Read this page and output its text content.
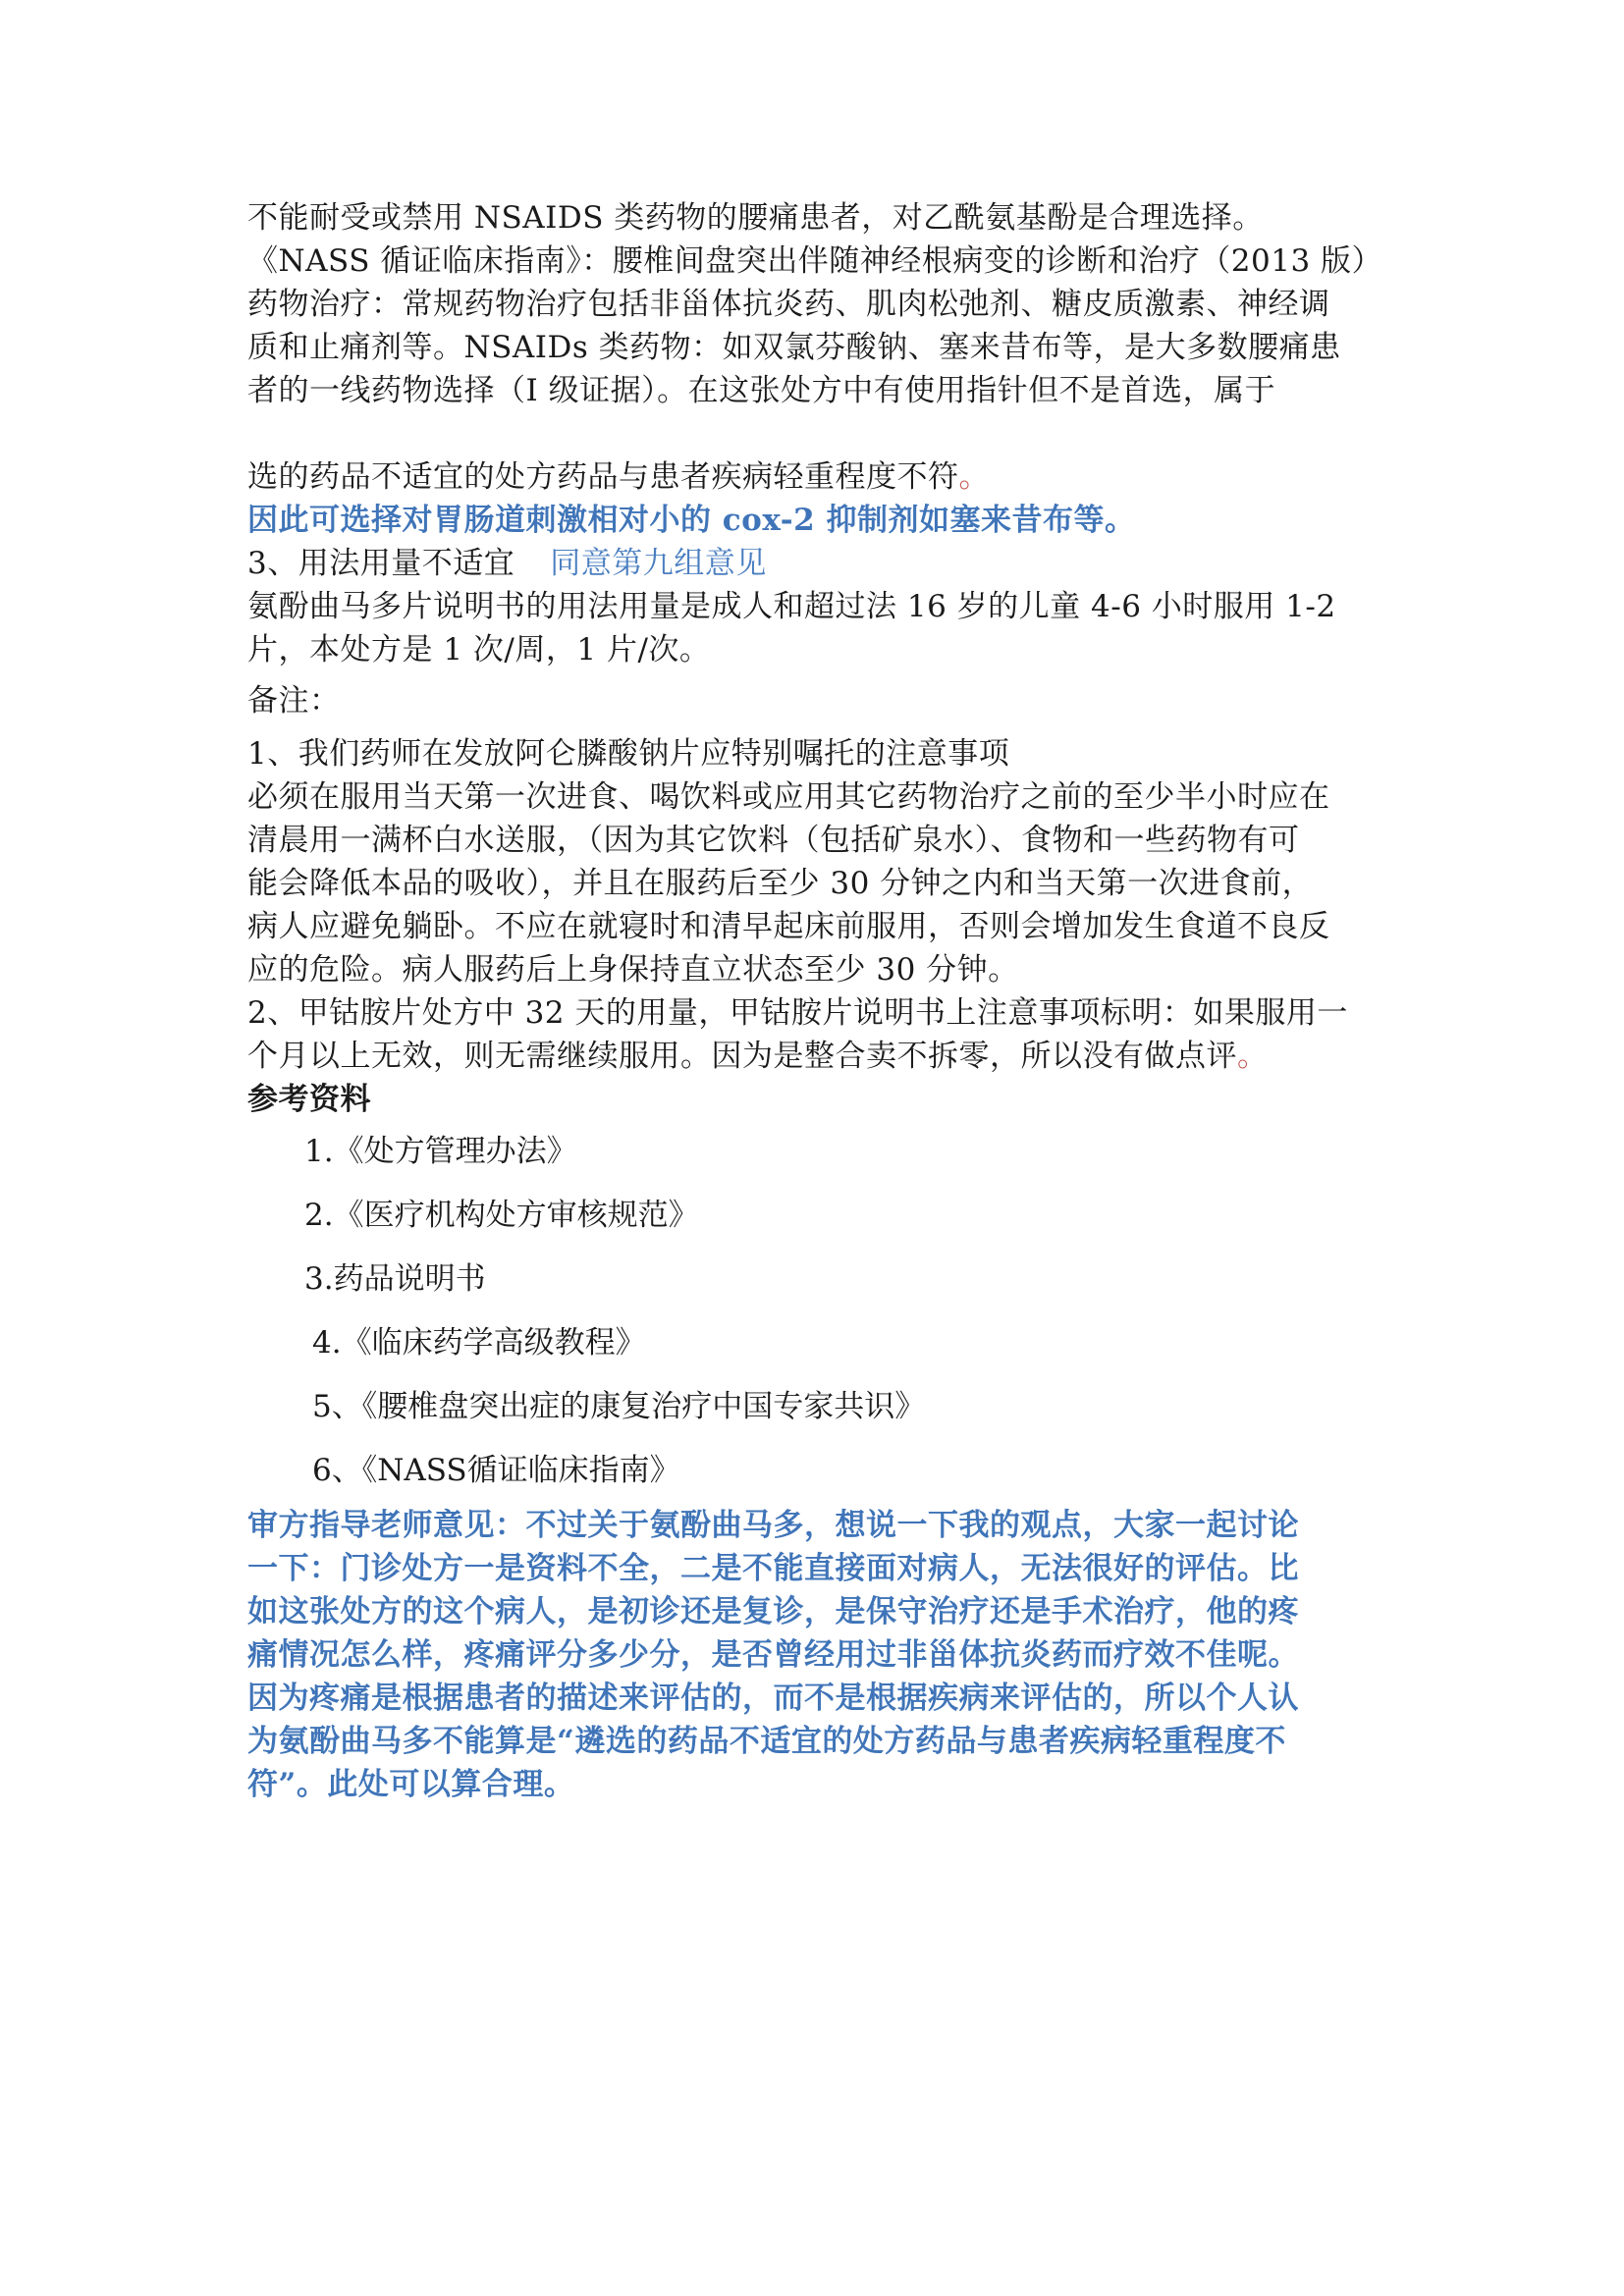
不能耐受或禁用 NSAIDS 类药物的腰痛患者，对乙酰氨基酚是合理选择。
《NASS 循证临床指南》：腰椎间盘突出伴随神经根病变的诊断和治疗（2013 版）
药物治疗：常规药物治疗包括非甾体抗炎药、肌肉松弛剂、糖皮质激素、神经调
质和止痛剂等。NSAIDs 类药物：如双氯芬酸钠、塞来昔布等，是大多数腰痛患
者的一线药物选择（I 级证据）。在这张处方中有使用指针但不是首选，属于
选的药品不适宜的处方药品与患者疾病轻重程度不符。
因此可选择对胃肠道刺激相对小的 cox-2 抑制剂如塞来昔布等。
3、用法用量不适宜 同意第九组意见
氨酚曲马多片说明书的用法用量是成人和超过法 16 岁的儿童 4-6 小时服用 1-2
片，本处方是 1 次/周，1 片/次。
备注：
1、我们药师在发放阿仑膦酸钠片应特别嘱托的注意事项
必须在服用当天第一次进食、喝饮料或应用其它药物治疗之前的至少半小时应在
清晨用一满杯白水送服，（因为其它饮料（包括矿泉水）、食物和一些药物有可
能会降低本品的吸收），并且在服药后至少 30 分钟之内和当天第一次进食前，
病人应避免躺卧。不应在就寝时和清早起床前服用，否则会增加发生食道不良反
应的危险。病人服药后上身保持直立状态至少 30 分钟。
2、甲钴胺片处方中 32 天的用量，甲钴胺片说明书上注意事项标明：如果服用一
个月以上无效，则无需继续服用。因为是整合卖不拆零，所以没有做点评。
参考资料
1.《处方管理办法》
2.《医疗机构处方审核规范》
3.药品说明书
4.《临床药学高级教程》
5、《腰椎盘突出症的康复治疗中国专家共识》
6、《NASS循证临床指南》
审方指导老师意见：不过关于氨酚曲马多，想说一下我的观点，大家一起讨论
一下：门诊处方一是资料不全，二是不能直接面对病人，无法很好的评估。比
如这张处方的这个病人，是初诊还是复诊，是保守治疗还是手术治疗，他的疼
痛情况怎么样，疼痛评分多少分，是否曾经用过非甾体抗炎药而疗效不佳呢。
因为疼痛是根据患者的描述来评估的，而不是根据疾病来评估的，所以个人认
为氨酚曲马多不能算是“遴选的药品不适宜的处方药品与患者疾病轻重程度不
符”。此处可以算合理。
